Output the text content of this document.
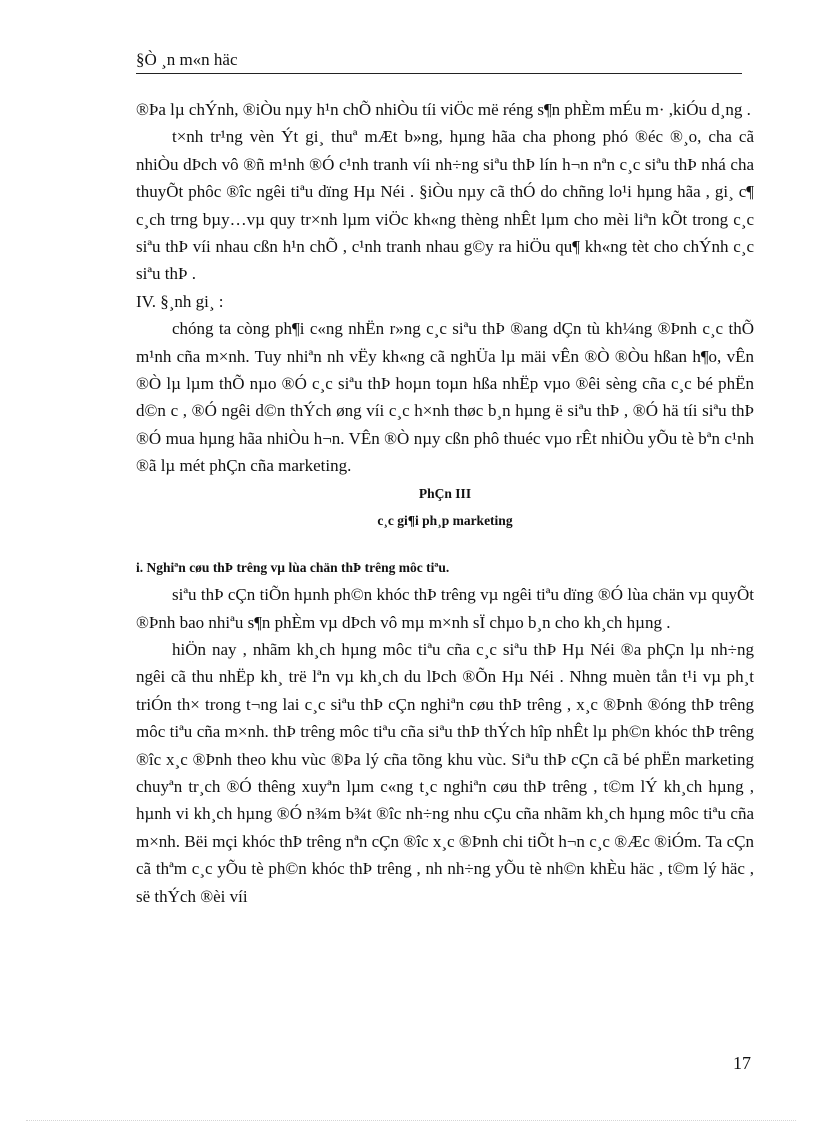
§Ò ¸n m«n häc

®Þa lµ chÝnh, ®iÒu nµy h¹n chÕ nhiÒu tíi viÖc më réng s¶n phÈm mÉu m· ,kiÓu d¸ng .

t×nh tr¹ng vèn Ýt gi¸ thuª mÆt b»ng, hµng hãa cha phong phó ®éc ®¸o, cha cã nhiÒu dÞch vô ®ñ m¹nh ®Ó c¹nh tranh víi nh÷ng siªu thÞ lín h¬n nªn c¸c siªu thÞ nhá cha thuyÕt phôc ®îc ngêi tiªu dïng Hµ Néi . §iÒu nµy cã thÓ do chñng lo¹i hµng hãa , gi¸ c¶ c¸ch trng bµy…vµ quy tr×nh lµm viÖc kh«ng thèng nhÊt lµm cho mèi liªn kÕt trong c¸c siªu thÞ víi nhau cßn h¹n chÕ , c¹nh tranh nhau g©y ra hiÖu qu¶ kh«ng tèt cho chÝnh c¸c siªu thÞ .

IV. §¸nh gi¸ :

chóng ta còng ph¶i c«ng nhËn r»ng c¸c siªu thÞ ®ang dÇn tù kh¼ng ®Þnh c¸c thÕ m¹nh cña m×nh. Tuy nhiªn nh vËy kh«ng cã nghÜa lµ mäi vÊn ®Ò ®Òu hßan h¶o, vÊn ®Ò lµ lµm thÕ nµo ®Ó c¸c siªu thÞ hoµn toµn hßa nhËp vµo ®êi sèng cña c¸c bé phËn d©n c , ®Ó ngêi d©n thÝch øng víi c¸c h×nh thøc b¸n hµng ë siªu thÞ , ®Ó hä tíi siªu thÞ ®Ó mua hµng hãa nhiÒu h¬n. VÊn ®Ò nµy cßn phô thuéc vµo rÊt nhiÒu yÕu tè bªn c¹nh ®ã lµ mét phÇn cña marketing.

PhÇn III

c¸c gi¶i ph¸p marketing

i. Nghiªn cøu thÞ trêng vµ lùa chän thÞ trêng môc tiªu.

siªu thÞ cÇn tiÕn hµnh ph©n khóc thÞ trêng vµ ngêi tiªu dïng ®Ó lùa chän vµ quyÕt ®Þnh bao nhiªu s¶n phÈm vµ dÞch vô mµ m×nh sÏ chµo b¸n cho kh¸ch hµng .

hiÖn nay , nhãm kh¸ch hµng môc tiªu cña c¸c siªu thÞ Hµ Néi ®a phÇn lµ nh÷ng ngêi cã thu nhËp kh¸ trë lªn vµ kh¸ch du lÞch ®Õn Hµ Néi . Nhng muèn tån t¹i vµ ph¸t triÓn th× trong t¬ng lai c¸c siªu thÞ cÇn nghiªn cøu thÞ trêng , x¸c ®Þnh ®óng thÞ trêng môc tiªu cña m×nh. thÞ trêng môc tiªu cña siªu thÞ thÝch hîp nhÊt lµ ph©n khóc thÞ trêng ®îc x¸c ®Þnh theo khu vùc ®Þa lý cña tõng khu vùc. Siªu thÞ cÇn cã bé phËn marketing chuyªn tr¸ch ®Ó thêng xuyªn lµm c«ng t¸c nghiªn cøu thÞ trêng , t©m lÝ kh¸ch hµng , hµnh vi kh¸ch hµng ®Ó n¾m b¾t ®îc nh÷ng nhu cÇu cña nhãm kh¸ch hµng môc tiªu cña m×nh. Bëi mçi khóc thÞ trêng nªn cÇn ®îc x¸c ®Þnh chi tiÕt h¬n c¸c ®Æc ®iÓm. Ta cÇn cã thªm c¸c yÕu tè ph©n khóc thÞ trêng , nh nh÷ng yÕu tè nh©n khÈu häc , t©m lý häc , së thÝch ®èi víi

17
